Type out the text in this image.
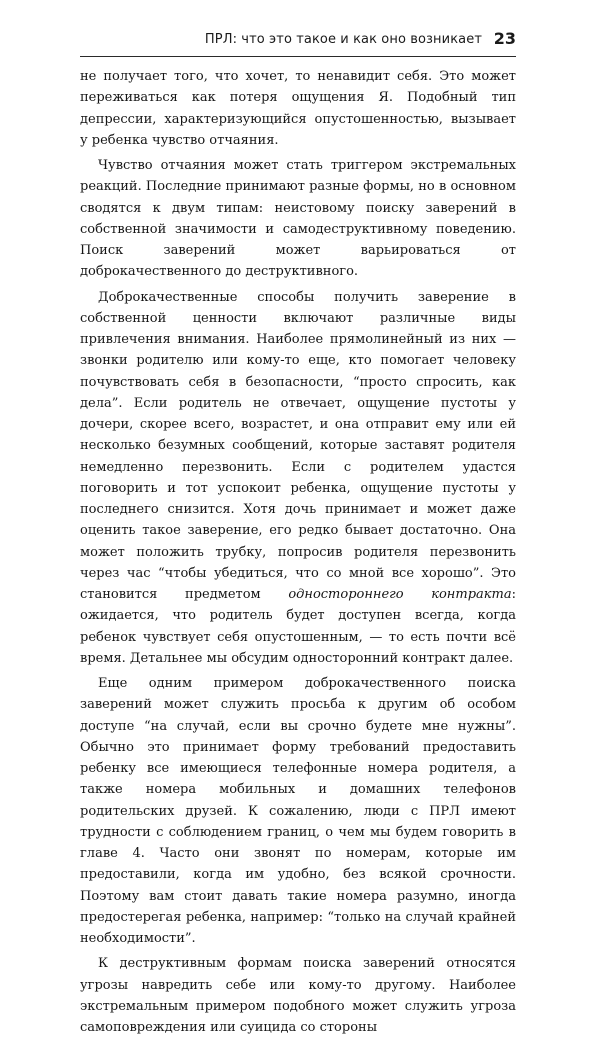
ПРЛ: что это такое и как оно возникает 23

не получает того, что хочет, то ненавидит себя. Это может переживаться как потеря ощущения Я. Подобный тип депрессии, характеризующийся опустошенностью, вызывает у ребенка чувство отчаяния.

Чувство отчаяния может стать триггером экстремальных реакций. Последние принимают разные формы, но в основном сводятся к двум типам: неистовому поиску заверений в собственной значимости и самодеструктивному поведению. Поиск заверений может варьироваться от доброкачественного до деструктивного.

Доброкачественные способы получить заверение в собственной ценности включают различные виды привлечения внимания. Наиболее прямолинейный из них — звонки родителю или кому-то еще, кто помогает человеку почувствовать себя в безопасности, “просто спросить, как дела”. Если родитель не отвечает, ощущение пустоты у дочери, скорее всего, возрастет, и она отправит ему или ей несколько безумных сообщений, которые заставят родителя немедленно перезвонить. Если с родителем удастся поговорить и тот успокоит ребенка, ощущение пустоты у последнего снизится. Хотя дочь принимает и может даже оценить такое заверение, его редко бывает достаточно. Она может положить трубку, попросив родителя перезвонить через час “чтобы убедиться, что со мной все хорошо”. Это становится предметом одностороннего контракта: ожидается, что родитель будет доступен всегда, когда ребенок чувствует себя опустошенным, — то есть почти всё время. Детальнее мы обсудим односторонний контракт далее.

Еще одним примером доброкачественного поиска заверений может служить просьба к другим об особом доступе “на случай, если вы срочно будете мне нужны”. Обычно это принимает форму требований предоставить ребенку все имеющиеся телефонные номера родителя, а также номера мобильных и домашних телефонов родительских друзей. К сожалению, люди с ПРЛ имеют трудности с соблюдением границ, о чем мы будем говорить в главе 4. Часто они звонят по номерам, которые им предоставили, когда им удобно, без всякой срочности. Поэтому вам стоит давать такие номера разумно, иногда предостерегая ребенка, например: “только на случай крайней необходимости”.

К деструктивным формам поиска заверений относятся угрозы навредить себе или кому-то другому. Наиболее экстремальным примером подобного может служить угроза самоповреждения или суицида со стороны
